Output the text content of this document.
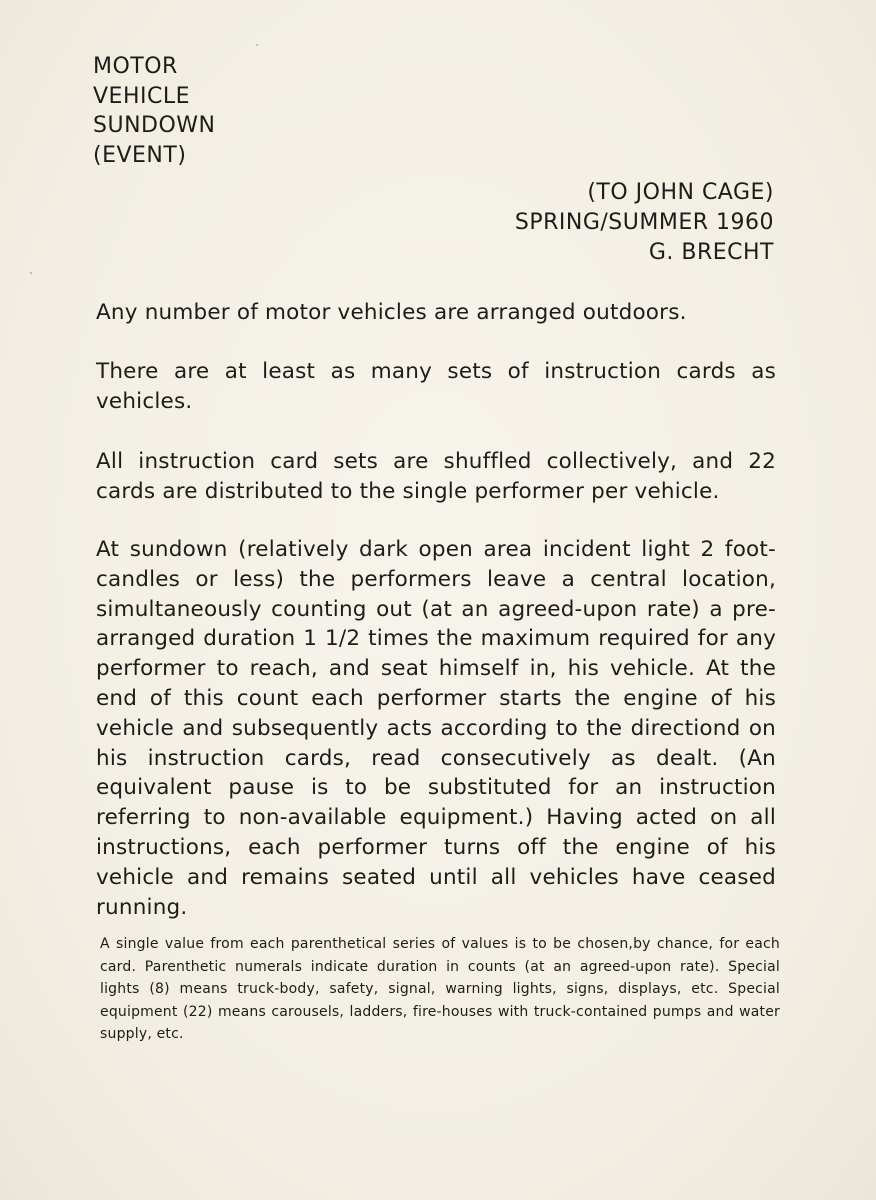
MOTOR
VEHICLE
SUNDOWN
(EVENT)
(TO JOHN CAGE)
SPRING/SUMMER 1960
G. BRECHT
Any number of motor vehicles are arranged outdoors.
There are at least as many sets of instruction cards as vehicles.
All instruction card sets are shuffled collectively, and 22 cards are distributed to the single performer per vehicle.
At sundown (relatively dark open area incident light 2 foot-candles or less) the performers leave a central location, simultaneously counting out (at an agreed-upon rate) a pre-arranged duration 1 1/2 times the maximum required for any performer to reach, and seat himself in, his vehicle. At the end of this count each performer starts the engine of his vehicle and subsequently acts according to the directiond on his instruction cards, read consecutively as dealt. (An equivalent pause is to be substituted for an instruction referring to non-available equipment.) Having acted on all instructions, each performer turns off the engine of his vehicle and remains seated until all vehicles have ceased running.
A single value from each parenthetical series of values is to be chosen,by chance, for each card. Parenthetic numerals indicate duration in counts (at an agreed-upon rate). Special lights (8) means truck-body, safety, signal, warning lights, signs, displays, etc. Special equipment (22) means carousels, ladders, fire-houses with truck-contained pumps and water supply, etc.
